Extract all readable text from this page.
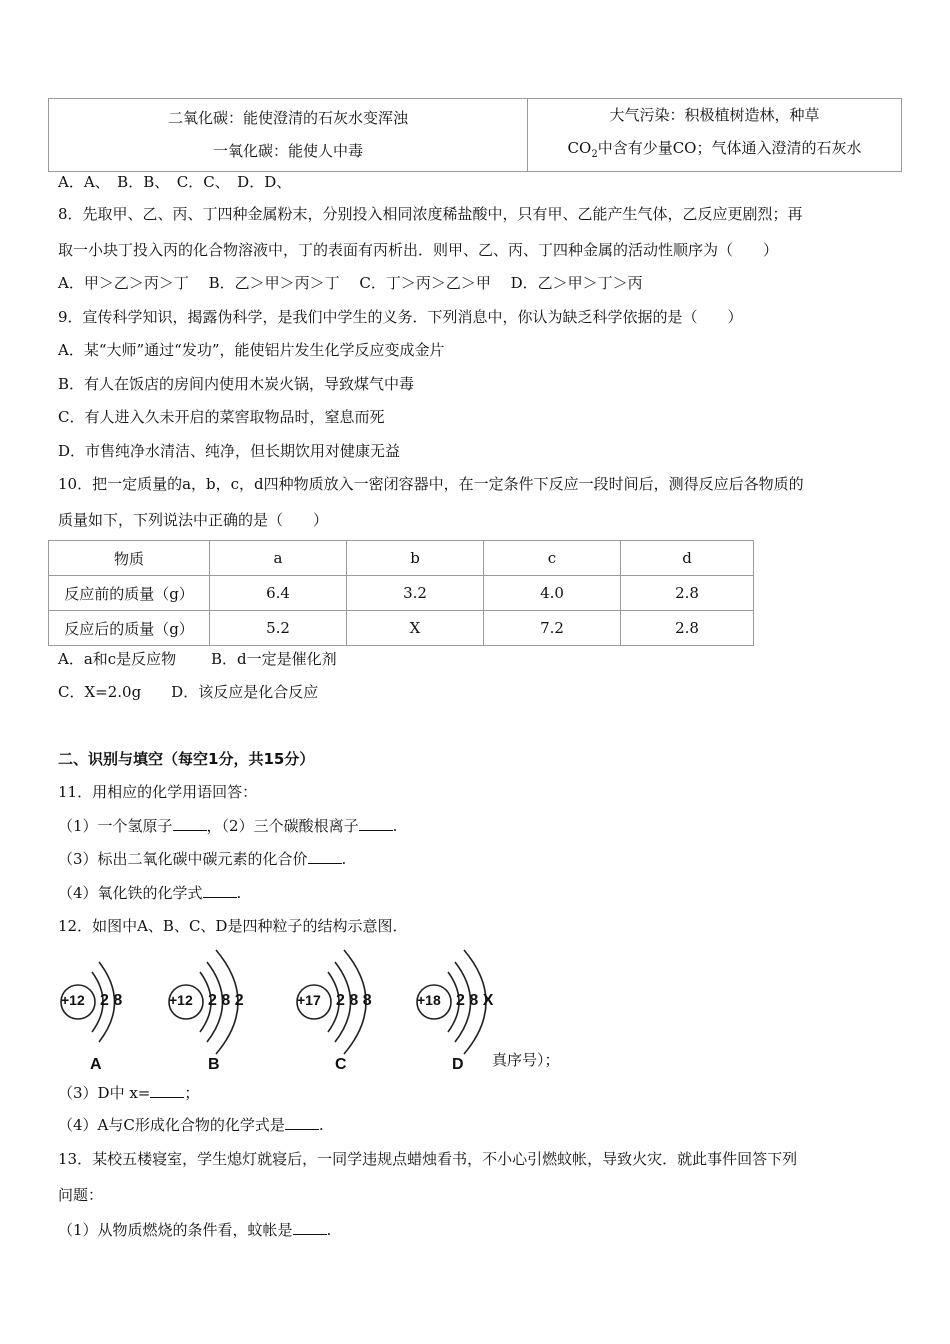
二氧化碳：能使澄清的石灰水变浑浊
一氧化碳：能使人中毒

大气污染：积极植树造林，种草
$CO_2$中含有少量CO；气体通入澄清的石灰水
A．A、　B．B、　C．C、　D．D、
8．先取甲、乙、丙、丁四种金属粉末，分别投入相同浓度稀盐酸中，只有甲、乙能产生气体，乙反应更剧烈；再
取一小块丁投入丙的化合物溶液中，丁的表面有丙析出．则甲、乙、丙、丁四种金属的活动性顺序为（　　）
A．甲＞乙＞丙＞丁　 B．乙＞甲＞丙＞丁　 C．丁＞丙＞乙＞甲　 D．乙＞甲＞丁＞丙
9．宣传科学知识，揭露伪科学，是我们中学生的义务．下列消息中，你认为缺乏科学依据的是（　　）
A．某“大师”通过“发功”，能使铝片发生化学反应变成金片
B．有人在饭店的房间内使用木炭火锅，导致煤气中毒
C．有人进入久未开启的菜窖取物品时，窒息而死
D．市售纯净水清洁、纯净，但长期饮用对健康无益
10．把一定质量的a，b，c，d四种物质放入一密闭容器中，在一定条件下反应一段时间后，测得反应后各物质的
质量如下，下列说法中正确的是（　　）
物质	a	b	c	d
反应前的质量（g）	6.4	3.2	4.0	2.8
反应后的质量（g）	5.2	X	7.2	2.8
A．a和c是反应物　　 B．d一定是催化剂
C．X=2.0g　　D．该反应是化合反应
二、识别与填空（每空1分，共15分）
11．用相应的化学用语回答：
（1）一个氢原子 ，（2）三个碳酸根离子 .
（3）标出二氧化碳中碳元素的化合价 .
（4）氧化铁的化学式 .
12．如图中A、B、C、D是四种粒子的结构示意图．
+12 2 8
A
+12 2 8 2
B
+17 2 8 8
C
+18 2 8 X
D 真序号）；
（3）D中 x= ；
（4）A与C形成化合物的化学式是 .
13．某校五楼寝室，学生熄灯就寝后，一同学违规点蜡烛看书，不小心引燃蚊帐，导致火灾．就此事件回答下列
问题：
（1）从物质燃烧的条件看，蚊帐是 .
